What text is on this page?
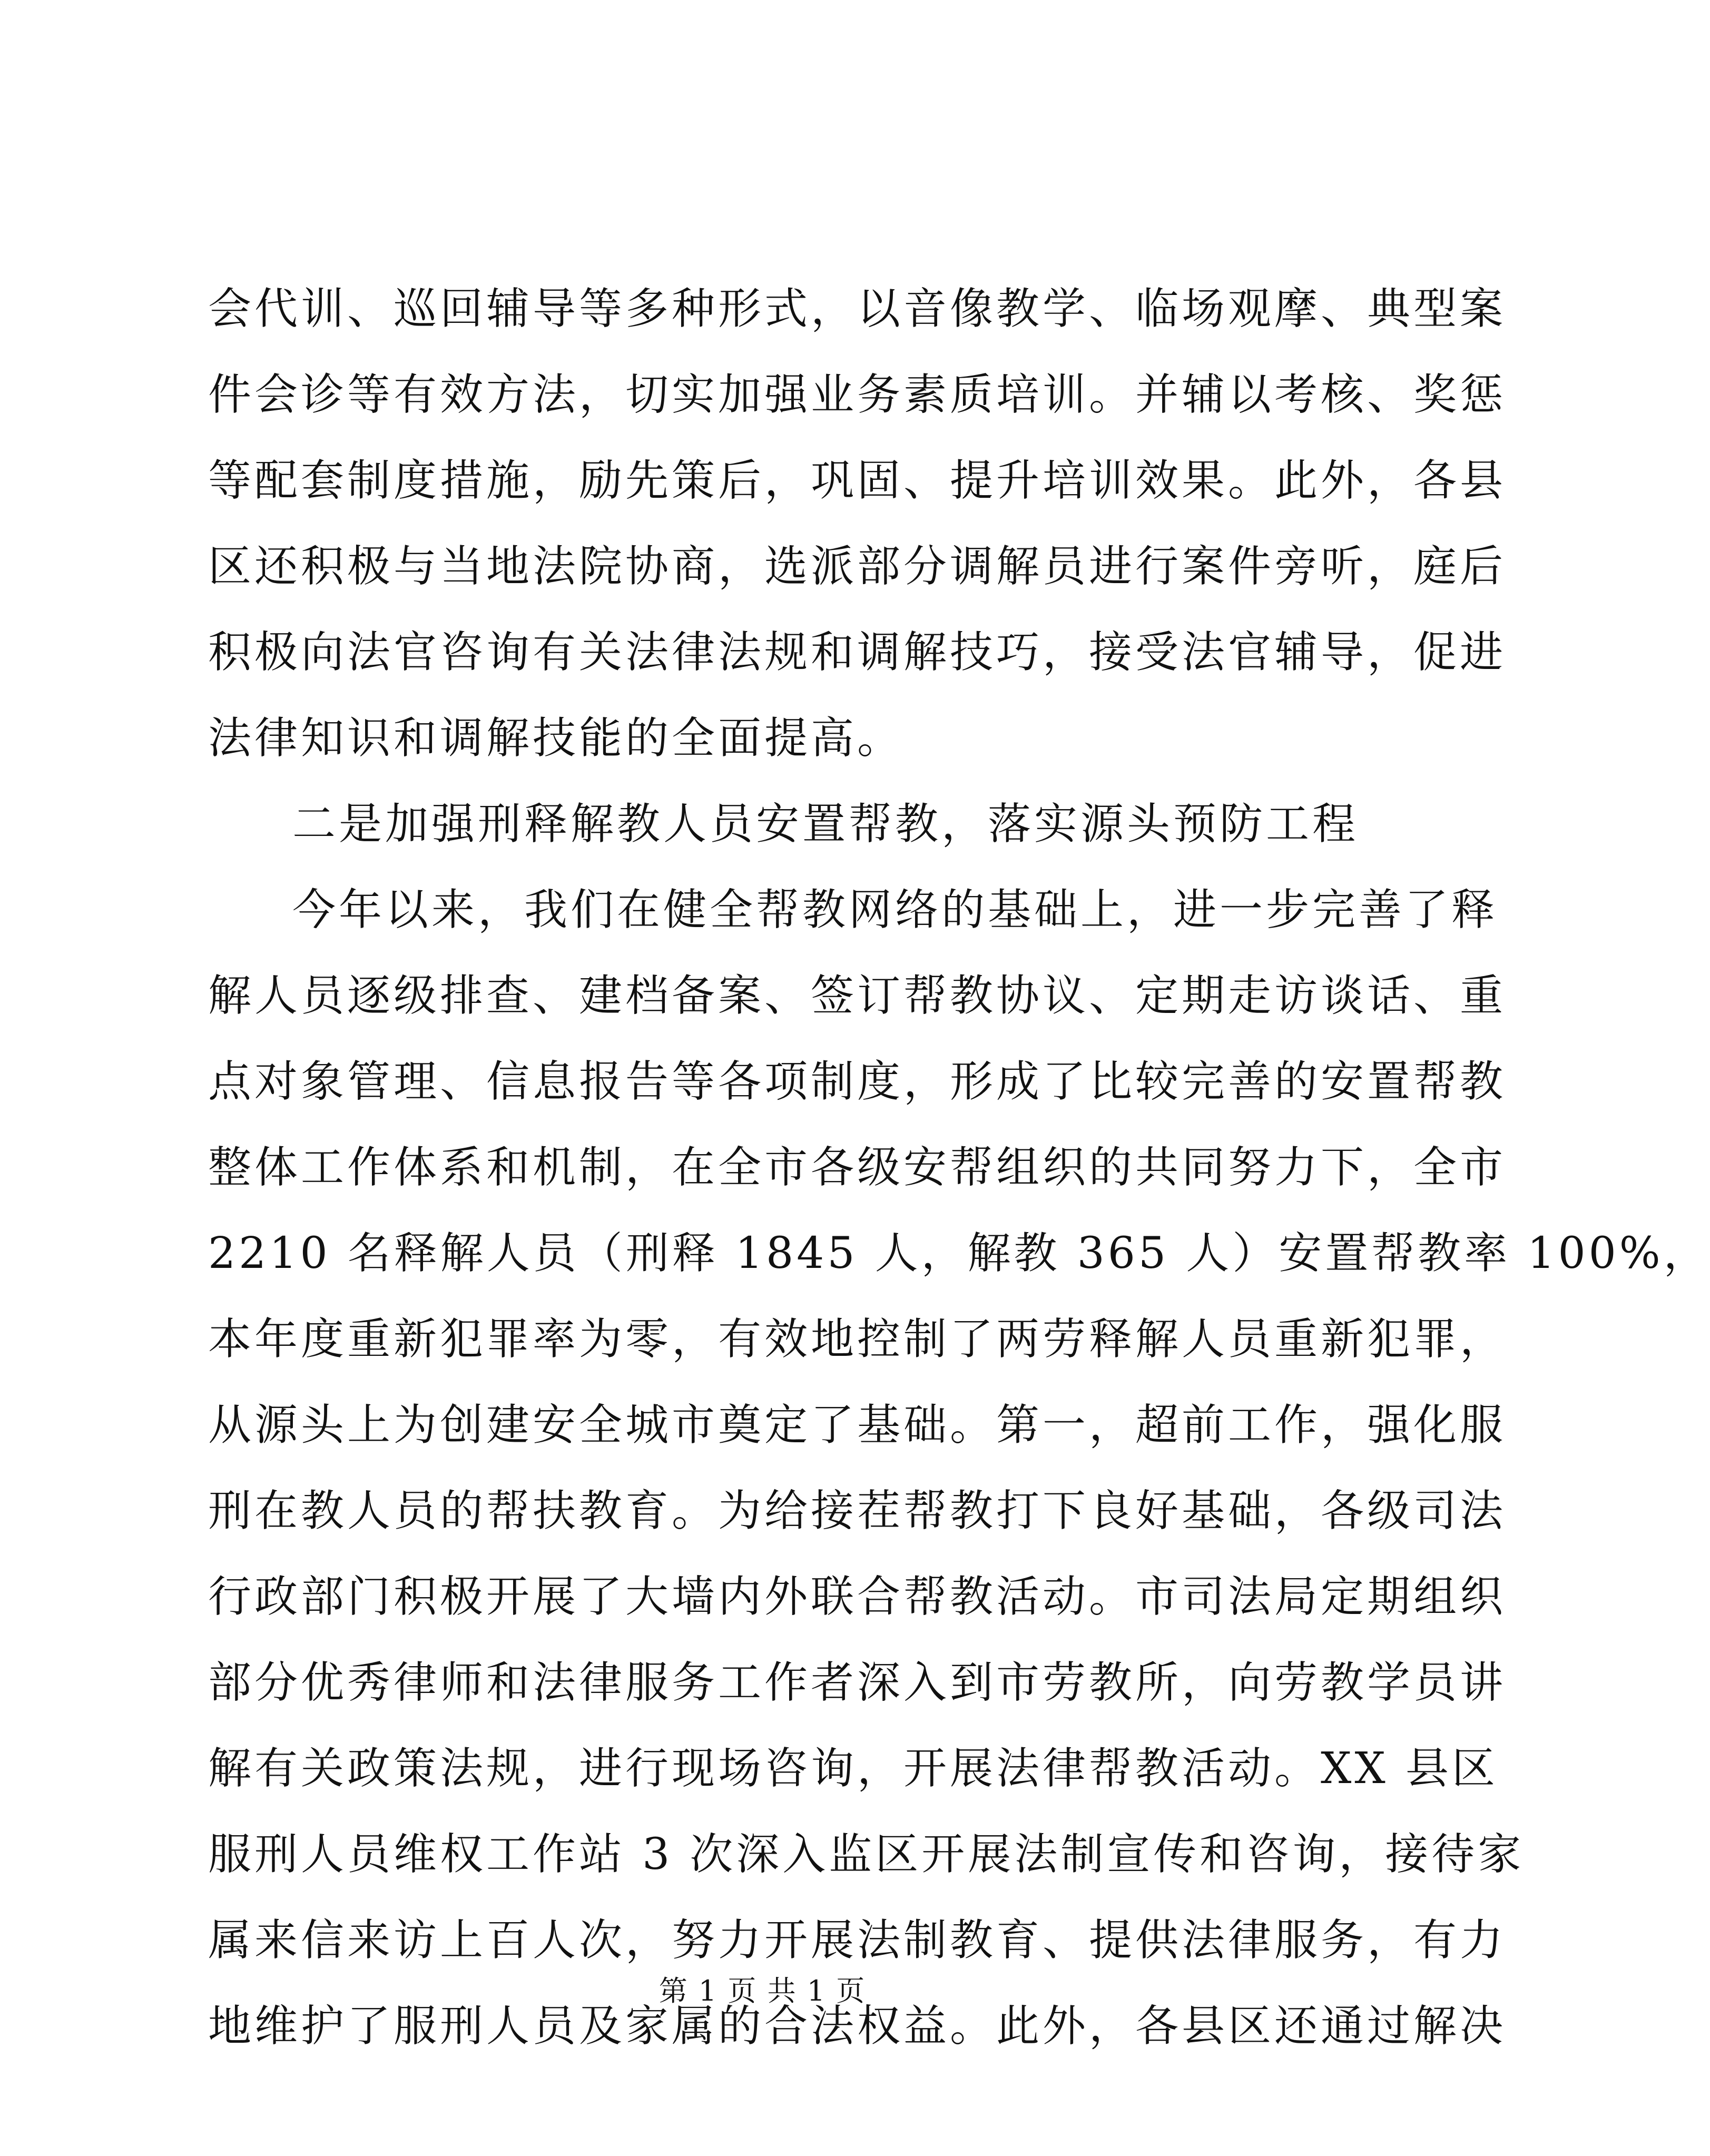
会代训、巡回辅导等多种形式，以音像教学、临场观摩、典型案
件会诊等有效方法，切实加强业务素质培训。并辅以考核、奖惩
等配套制度措施，励先策后，巩固、提升培训效果。此外，各县
区还积极与当地法院协商，选派部分调解员进行案件旁听，庭后
积极向法官咨询有关法律法规和调解技巧，接受法官辅导，促进
法律知识和调解技能的全面提高。
二是加强刑释解教人员安置帮教，落实源头预防工程
今年以来，我们在健全帮教网络的基础上，进一步完善了释
解人员逐级排查、建档备案、签订帮教协议、定期走访谈话、重
点对象管理、信息报告等各项制度，形成了比较完善的安置帮教
整体工作体系和机制，在全市各级安帮组织的共同努力下，全市
2210 名释解人员（刑释 1845 人，解教 365 人）安置帮教率 100%，
本年度重新犯罪率为零，有效地控制了两劳释解人员重新犯罪，
从源头上为创建安全城市奠定了基础。第一，超前工作，强化服
刑在教人员的帮扶教育。为给接茬帮教打下良好基础，各级司法
行政部门积极开展了大墙内外联合帮教活动。市司法局定期组织
部分优秀律师和法律服务工作者深入到市劳教所，向劳教学员讲
解有关政策法规，进行现场咨询，开展法律帮教活动。XX 县区
服刑人员维权工作站 3 次深入监区开展法制宣传和咨询，接待家
属来信来访上百人次，努力开展法制教育、提供法律服务，有力
地维护了服刑人员及家属的合法权益。此外，各县区还通过解决
第 1 页 共 1 页
